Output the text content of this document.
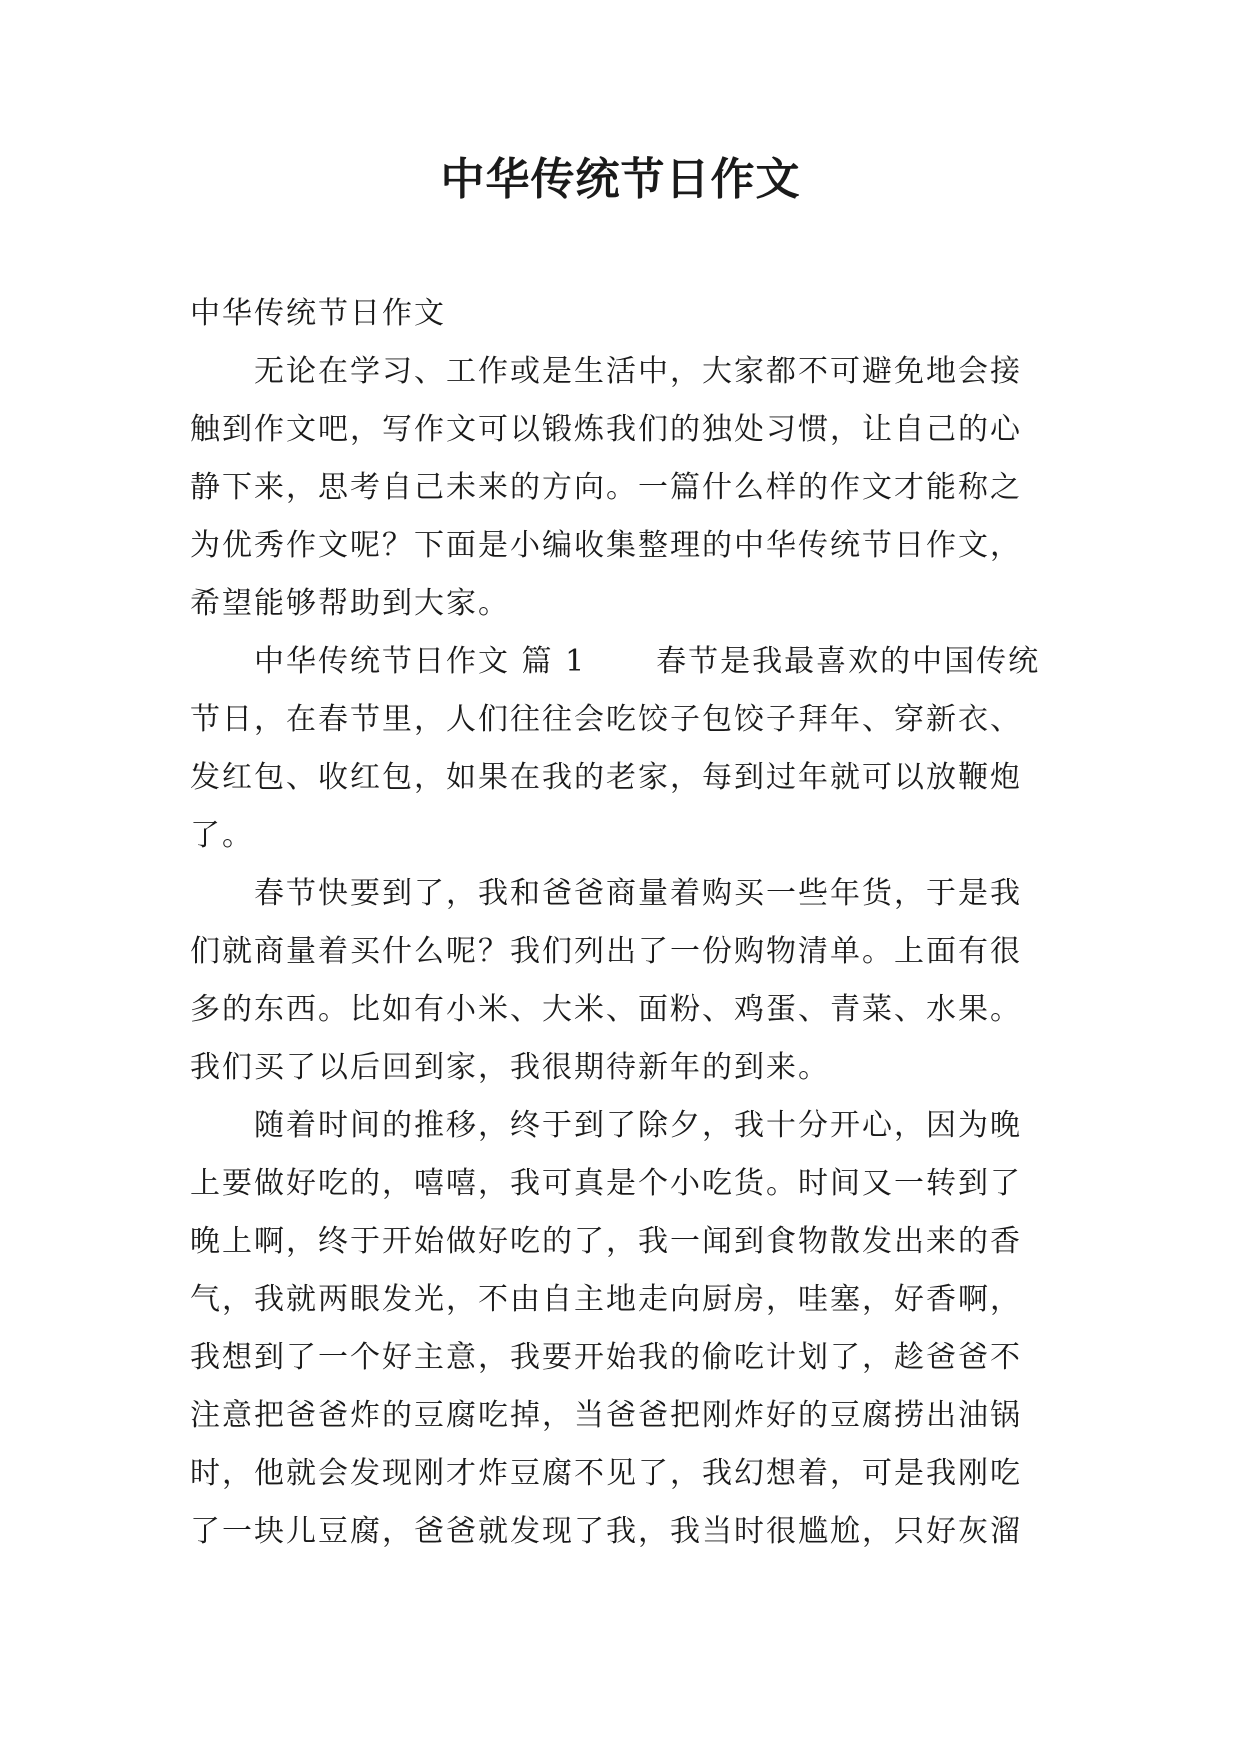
中华传统节日作文

中华传统节日作文

无论在学习、工作或是生活中，大家都不可避免地会接触到作文吧，写作文可以锻炼我们的独处习惯，让自己的心静下来，思考自己未来的方向。一篇什么样的作文才能称之为优秀作文呢？下面是小编收集整理的中华传统节日作文，希望能够帮助到大家。

中华传统节日作文 篇 1 春节是我最喜欢的中国传统节日，在春节里，人们往往会吃饺子包饺子拜年、穿新衣、发红包、收红包，如果在我的老家，每到过年就可以放鞭炮了。

春节快要到了，我和爸爸商量着购买一些年货，于是我们就商量着买什么呢？我们列出了一份购物清单。上面有很多的东西。比如有小米、大米、面粉、鸡蛋、青菜、水果。我们买了以后回到家，我很期待新年的到来。

随着时间的推移，终于到了除夕，我十分开心，因为晚上要做好吃的，嘻嘻，我可真是个小吃货。时间又一转到了晚上啊，终于开始做好吃的了，我一闻到食物散发出来的香气，我就两眼发光，不由自主地走向厨房，哇塞，好香啊，我想到了一个好主意，我要开始我的偷吃计划了，趁爸爸不注意把爸爸炸的豆腐吃掉，当爸爸把刚炸好的豆腐捞出油锅时，他就会发现刚才炸豆腐不见了，我幻想着，可是我刚吃了一块儿豆腐，爸爸就发现了我，我当时很尴尬，只好灰溜
